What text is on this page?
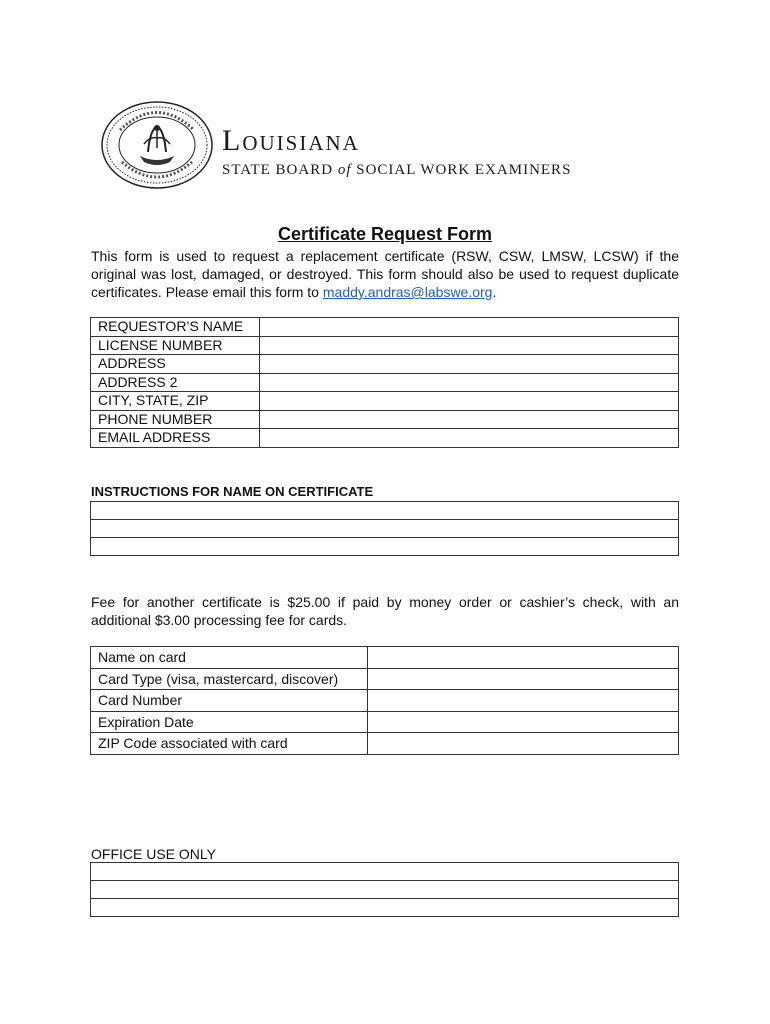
Louisiana
STATE BOARD of SOCIAL WORK EXAMINERS
Certificate Request Form
This form is used to request a replacement certificate (RSW, CSW, LMSW, LCSW) if the original was lost, damaged, or destroyed. This form should also be used to request duplicate certificates. Please email this form to maddy.andras@labswe.org.
REQUESTOR’S NAME	
LICENSE NUMBER	
ADDRESS	
ADDRESS 2	
CITY, STATE, ZIP	
PHONE NUMBER	
EMAIL ADDRESS	
INSTRUCTIONS FOR NAME ON CERTIFICATE

Fee for another certificate is $25.00 if paid by money order or cashier’s check, with an additional $3.00 processing fee for cards.
Name on card	
Card Type (visa, mastercard, discover)	
Card Number	
Expiration Date	
ZIP Code associated with card	
OFFICE USE ONLY
